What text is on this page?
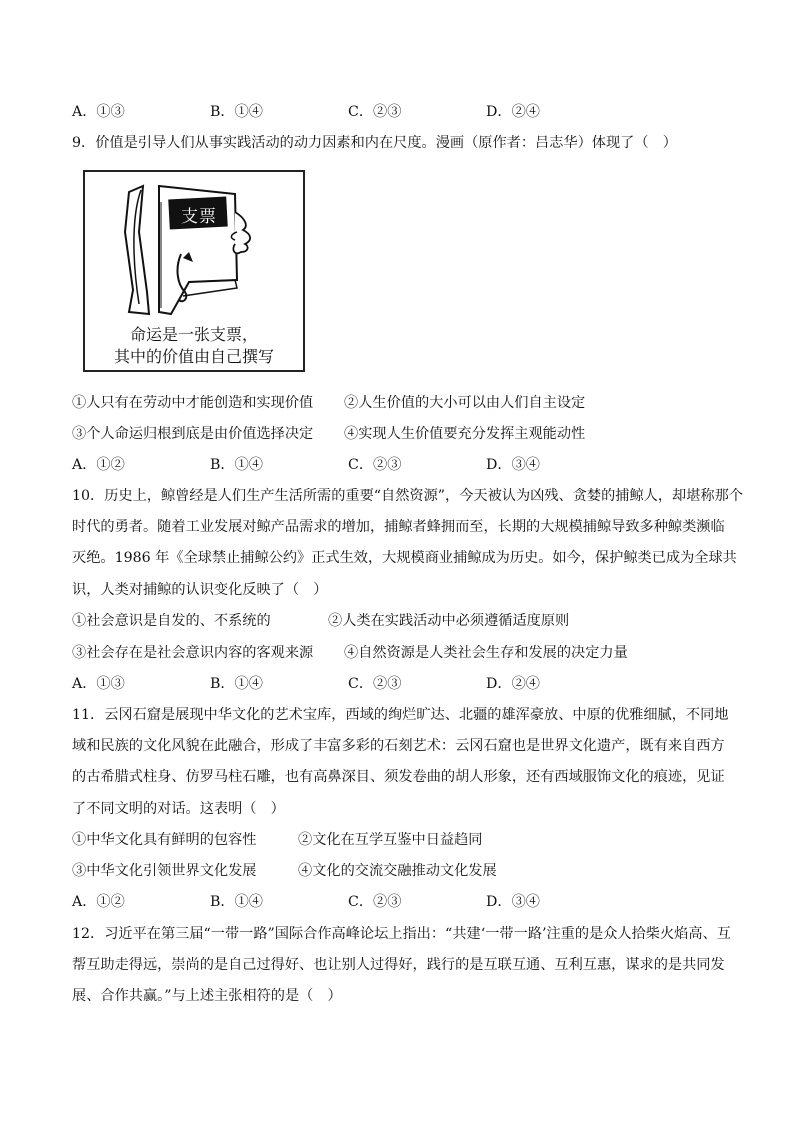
A．①③	B．①④	C．②③	D．②④
9．价值是引导人们从事实践活动的动力因素和内在尺度。漫画（原作者：吕志华）体现了（　）
支票
命运是一张支票，
其中的价值由自己撰写
①人只有在劳动中才能创造和实现价值 ②人生价值的大小可以由人们自主设定
③个人命运归根到底是由价值选择决定 ④实现人生价值要充分发挥主观能动性
A．①②	B．①④	C．②③	D．③④
10．历史上，鲸曾经是人们生产生活所需的重要“自然资源”，今天被认为凶残、贪婪的捕鲸人，却堪称那个
时代的勇者。随着工业发展对鲸产品需求的增加，捕鲸者蜂拥而至，长期的大规模捕鲸导致多种鲸类濒临
灭绝。1986 年《全球禁止捕鲸公约》正式生效，大规模商业捕鲸成为历史。如今，保护鲸类已成为全球共
识，人类对捕鲸的认识变化反映了（　）
①社会意识是自发的、不系统的	②人类在实践活动中必须遵循适度原则
③社会存在是社会意识内容的客观来源 ④自然资源是人类社会生存和发展的决定力量
A．①③	B．①④	C．②③	D．②④
11．云冈石窟是展现中华文化的艺术宝库，西域的绚烂旷达、北疆的雄浑豪放、中原的优雅细腻，不同地
域和民族的文化风貌在此融合，形成了丰富多彩的石刻艺术：云冈石窟也是世界文化遗产，既有来自西方
的古希腊式柱身、仿罗马柱石雕，也有高鼻深目、须发卷曲的胡人形象，还有西域服饰文化的痕迹，见证
了不同文明的对话。这表明（　）
①中华文化具有鲜明的包容性	②文化在互学互鉴中日益趋同
③中华文化引领世界文化发展	④文化的交流交融推动文化发展
A．①②	B．①④	C．②③	D．③④
12．习近平在第三届“一带一路”国际合作高峰论坛上指出：“共建‘一带一路’注重的是众人拾柴火焰高、互
帮互助走得远，崇尚的是自己过得好、也让别人过得好，践行的是互联互通、互利互惠，谋求的是共同发
展、合作共赢。”与上述主张相符的是（　）
